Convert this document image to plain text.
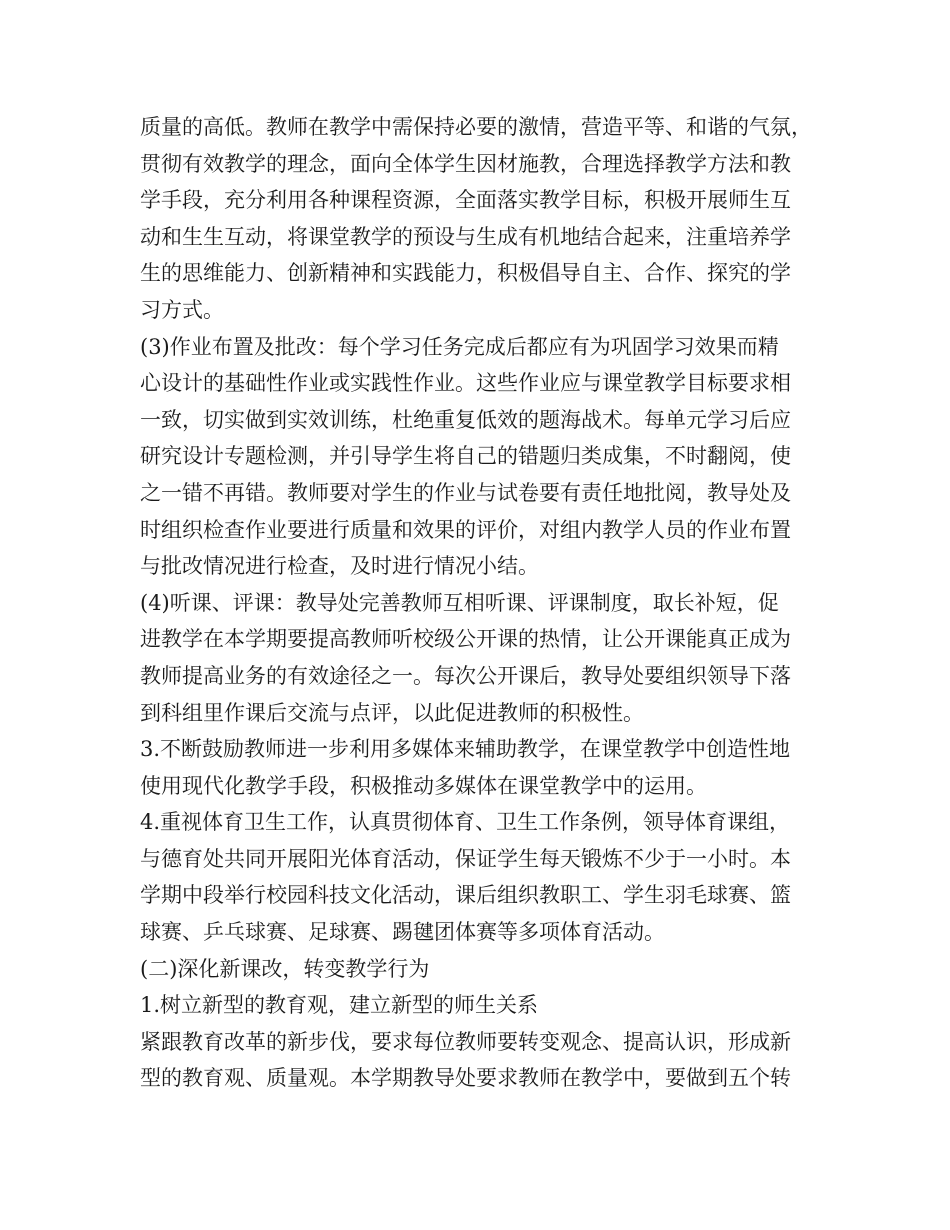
质量的高低。教师在教学中需保持必要的激情，营造平等、和谐的气氛，
贯彻有效教学的理念，面向全体学生因材施教，合理选择教学方法和教
学手段，充分利用各种课程资源，全面落实教学目标，积极开展师生互
动和生生互动，将课堂教学的预设与生成有机地结合起来，注重培养学
生的思维能力、创新精神和实践能力，积极倡导自主、合作、探究的学
习方式。
(3)作业布置及批改：每个学习任务完成后都应有为巩固学习效果而精
心设计的基础性作业或实践性作业。这些作业应与课堂教学目标要求相
一致，切实做到实效训练，杜绝重复低效的题海战术。每单元学习后应
研究设计专题检测，并引导学生将自己的错题归类成集，不时翻阅，使
之一错不再错。教师要对学生的作业与试卷要有责任地批阅，教导处及
时组织检查作业要进行质量和效果的评价，对组内教学人员的作业布置
与批改情况进行检查，及时进行情况小结。
(4)听课、评课：教导处完善教师互相听课、评课制度，取长补短，促
进教学在本学期要提高教师听校级公开课的热情，让公开课能真正成为
教师提高业务的有效途径之一。每次公开课后，教导处要组织领导下落
到科组里作课后交流与点评，以此促进教师的积极性。
3.不断鼓励教师进一步利用多媒体来辅助教学，在课堂教学中创造性地
使用现代化教学手段，积极推动多媒体在课堂教学中的运用。
4.重视体育卫生工作，认真贯彻体育、卫生工作条例，领导体育课组，
与德育处共同开展阳光体育活动，保证学生每天锻炼不少于一小时。本
学期中段举行校园科技文化活动，课后组织教职工、学生羽毛球赛、篮
球赛、乒乓球赛、足球赛、踢毽团体赛等多项体育活动。
(二)深化新课改，转变教学行为
1.树立新型的教育观，建立新型的师生关系
紧跟教育改革的新步伐，要求每位教师要转变观念、提高认识，形成新
型的教育观、质量观。本学期教导处要求教师在教学中，要做到五个转
